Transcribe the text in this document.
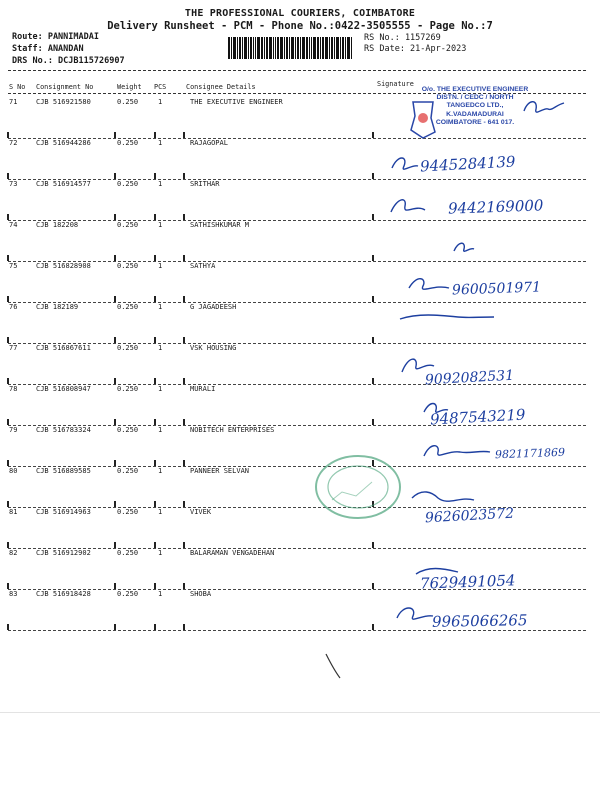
THE PROFESSIONAL COURIERS, COIMBATORE
Delivery Runsheet - PCM - Phone No.:0422-3505555 - Page No.:7
Route: PANNIMADAI
Staff: ANANDAN
DRS No.: DCJB115726907
RS No.: 1157269
RS Date: 21-Apr-2023
S No Consignment No	Weight PCS	Consignee Details	Signature
71	CJB 516921580	0.250	1	THE EXECUTIVE ENGINEER
72	CJB 516944286	0.250	1	RAJAGOPAL
73	CJB 516914577	0.250	1	SRITHAR
74	CJB 182208	0.250	1	SATHISHKUMAR M
75	CJB 516828908	0.250	1	SATHYA
76	CJB 182189	0.250	1	G JAGADEESH
77	CJB 516867611	0.250	1	VSK HOUSING
78	CJB 516808947	0.250	1	MURALI
79	CJB 516783324	0.250	1	NOBITECH ENTERPRISES
80	CJB 516889585	0.250	1	PANNEER SELVAN
81	CJB 516914963	0.250	1	VIVEK
82	CJB 516912902	0.250	1	BALARAMAN VENGADEHAN
83	CJB 516918428	0.250	1	SHOBA
O/o. THE EXECUTIVE ENGINEER
DISTN. / CEDC / NORTH
TANGEDCO LTD.,
K.VADAMADURAI
COIMBATORE - 641 017.
9445284139
9442169000
9600501971
9092082531
9487543219
9821171869
9626023572
7629491054
9965066265
